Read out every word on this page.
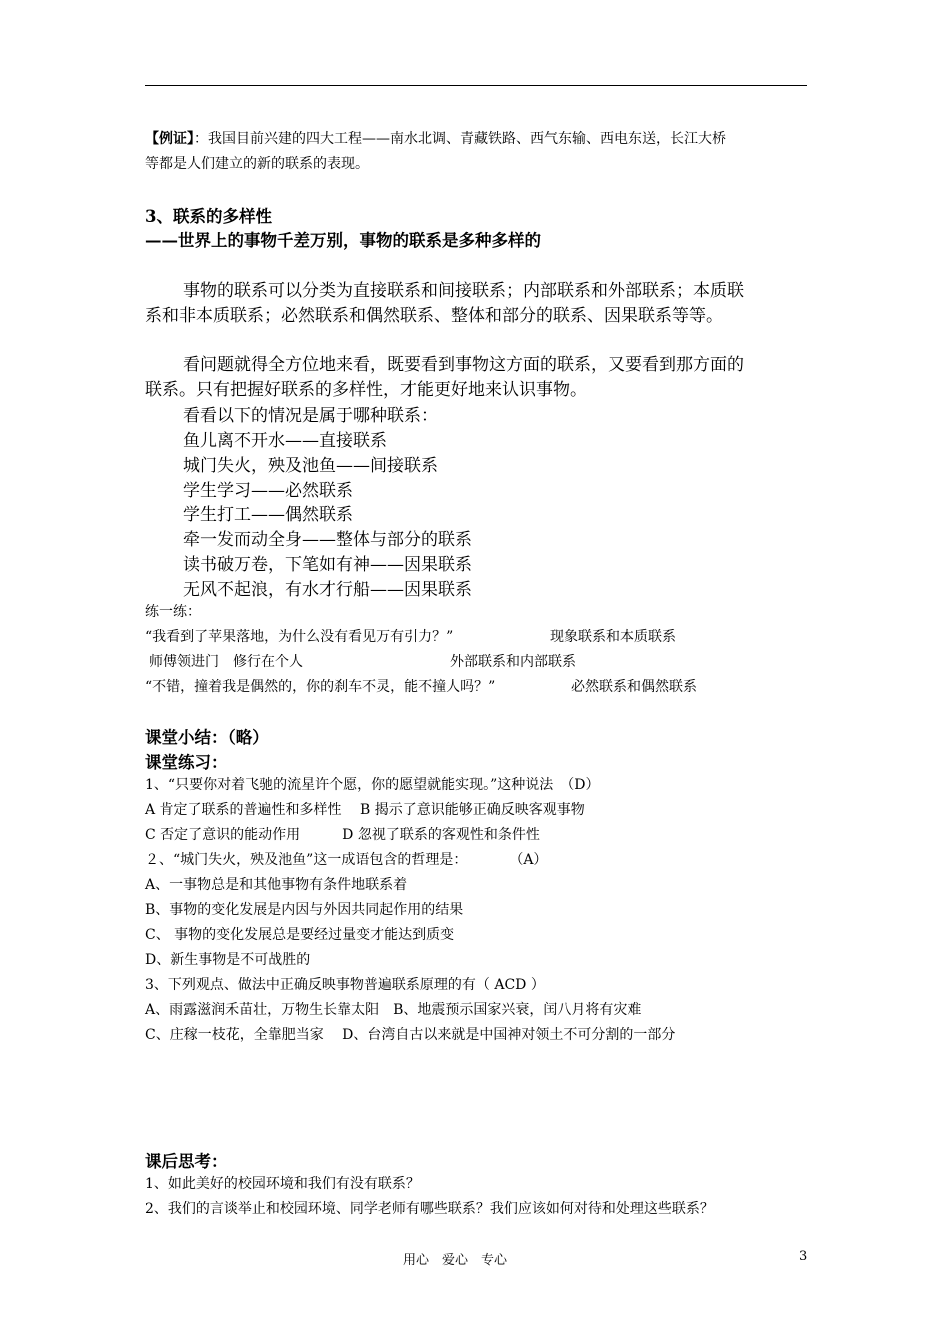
【例证】：我国目前兴建的四大工程——南水北调、青藏铁路、西气东输、西电东送，长江大桥
等都是人们建立的新的联系的表现。
3、联系的多样性
——世界上的事物千差万别，事物的联系是多种多样的
事物的联系可以分类为直接联系和间接联系；内部联系和外部联系；本质联
系和非本质联系；必然联系和偶然联系、整体和部分的联系、因果联系等等。
看问题就得全方位地来看，既要看到事物这方面的联系，又要看到那方面的
联系。只有把握好联系的多样性，才能更好地来认识事物。
看看以下的情况是属于哪种联系：
鱼儿离不开水——直接联系
城门失火，殃及池鱼——间接联系
学生学习——必然联系
学生打工——偶然联系
牵一发而动全身——整体与部分的联系
读书破万卷，下笔如有神——因果联系
无风不起浪，有水才行船——因果联系
练一练：
“我看到了苹果落地，为什么没有看见万有引力？”	现象联系和本质联系
师傅领进门　修行在个人	外部联系和内部联系
“不错，撞着我是偶然的，你的刹车不灵，能不撞人吗？”	必然联系和偶然联系
课堂小结：（略）
课堂练习：
1、“只要你对着飞驰的流星许个愿，你的愿望就能实现。”这种说法　（D）
A 肯定了联系的普遍性和多样性　 B 揭示了意识能够正确反映客观事物
C 否定了意识的能动作用　　　D 忽视了联系的客观性和条件性
２、“城门失火，殃及池鱼”这一成语包含的哲理是：　　　　（A）
A、一事物总是和其他事物有条件地联系着
B、事物的变化发展是内因与外因共同起作用的结果
C、 事物的变化发展总是要经过量变才能达到质变
D、新生事物是不可战胜的
3、下列观点、做法中正确反映事物普遍联系原理的有（ ACD ）
A、雨露滋润禾苗壮，万物生长靠太阳　B、地震预示国家兴衰，闰八月将有灾难
C、庄稼一枝花，全靠肥当家　 D、台湾自古以来就是中国神对领土不可分割的一部分
课后思考：
1、如此美好的校园环境和我们有没有联系？
2、我们的言谈举止和校园环境、同学老师有哪些联系？我们应该如何对待和处理这些联系？
用心　爱心　专心	3
